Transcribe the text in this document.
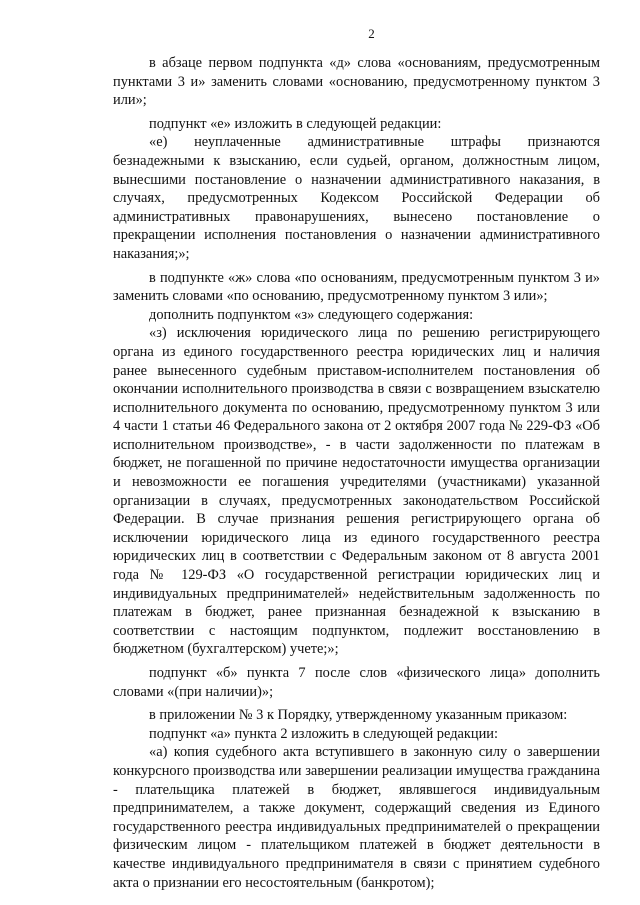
2

в абзаце первом подпункта «д» слова «основаниям, предусмотренным пунктами 3 и» заменить словами «основанию, предусмотренному пунктом 3 или»;

подпункт «е» изложить в следующей редакции:

«е) неуплаченные административные штрафы признаются безнадежными к взысканию, если судьей, органом, должностным лицом, вынесшими постановление о назначении административного наказания, в случаях, предусмотренных Кодексом Российской Федерации об административных правонарушениях, вынесено постановление о прекращении исполнения постановления о назначении административного наказания;»;

в подпункте «ж» слова «по основаниям, предусмотренным пунктом 3 и» заменить словами «по основанию, предусмотренному пунктом 3 или»;

дополнить подпунктом «з» следующего содержания:

«з) исключения юридического лица по решению регистрирующего органа из единого государственного реестра юридических лиц и наличия ранее вынесенного судебным приставом-исполнителем постановления об окончании исполнительного производства в связи с возвращением взыскателю исполнительного документа по основанию, предусмотренному пунктом 3 или 4 части 1 статьи 46 Федерального закона от 2 октября 2007 года № 229-ФЗ «Об исполнительном производстве», - в части задолженности по платежам в бюджет, не погашенной по причине недостаточности имущества организации и невозможности ее погашения учредителями (участниками) указанной организации в случаях, предусмотренных законодательством Российской Федерации. В случае признания решения регистрирующего органа об исключении юридического лица из единого государственного реестра юридических лиц в соответствии с Федеральным законом от 8 августа 2001 года № 129-ФЗ «О государственной регистрации юридических лиц и индивидуальных предпринимателей» недействительным задолженность по платежам в бюджет, ранее признанная безнадежной к взысканию в соответствии с настоящим подпунктом, подлежит восстановлению в бюджетном (бухгалтерском) учете;»;

подпункт «б» пункта 7 после слов «физического лица» дополнить словами «(при наличии)»;

в приложении № 3 к Порядку, утвержденному указанным приказом:

подпункт «а» пункта 2 изложить в следующей редакции:

«а) копия судебного акта вступившего в законную силу о завершении конкурсного производства или завершении реализации имущества гражданина - плательщика платежей в бюджет, являвшегося индивидуальным предпринимателем, а также документ, содержащий сведения из Единого государственного реестра индивидуальных предпринимателей о прекращении физическим лицом - плательщиком платежей в бюджет деятельности в качестве индивидуального предпринимателя в связи с принятием судебного акта о признании его несостоятельным (банкротом);
